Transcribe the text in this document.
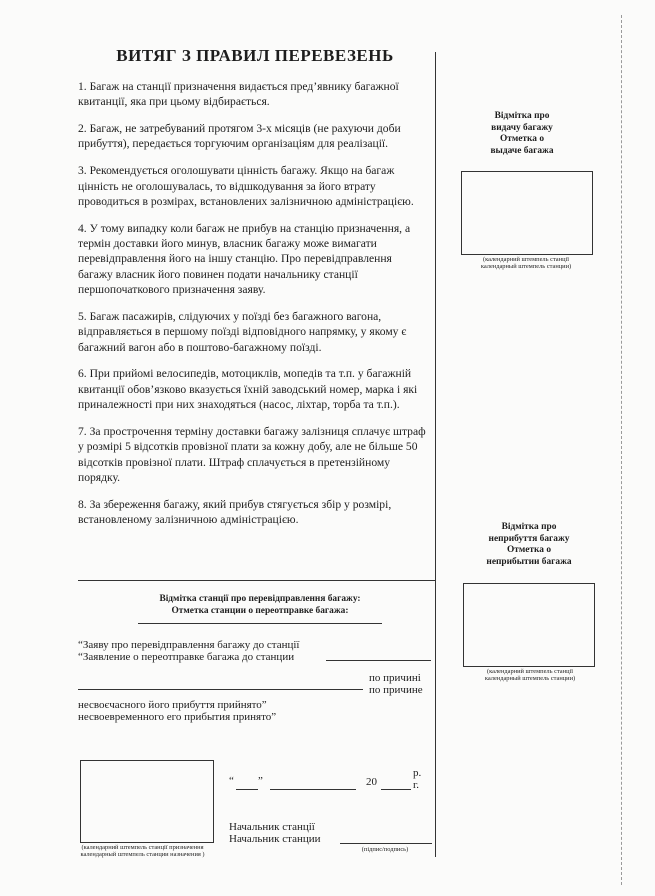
ВИТЯГ З ПРАВИЛ ПЕРЕВЕЗЕНЬ

1. Багаж на станції призначення видається пред’явнику багажної квитанції, яка при цьому відбирається.

2. Багаж, не затребуваний протягом 3-х місяців (не рахуючи доби прибуття), передається торгуючим організаціям для реалізації.

3. Рекомендується оголошувати цінність багажу. Якщо на багаж цінність не оголошувалась, то відшкодування за його втрату проводиться в розмірах, встановлених залізничною адміністрацією.

4. У тому випадку коли багаж не прибув на станцію призначення, а термін доставки його минув, власник багажу може вимагати перевідправлення його на іншу станцію. Про перевідправлення багажу власник його повинен подати начальнику станції першопочаткового призначення заяву.

5. Багаж пасажирів, слідуючих у поїзді без багажного вагона, відправляється в першому поїзді відповідного напрямку, у якому є багажний вагон або в поштово-багажному поїзді.

6. При прийомі велосипедів, мотоциклів, мопедів та т.п. у багажній квитанції обов’язково вказується їхній заводський номер, марка і які приналежності при них знаходяться (насос, ліхтар, торба та т.п.).

7. За прострочення терміну доставки багажу залізниця сплачує штраф у розмірі 5 відсотків провізної плати за кожну добу, але не більше 50 відсотків провізної плати. Штраф сплачується в претензійному порядку.

8. За збереження багажу, який прибув стягується збір у розмірі, встановленому залізничною адміністрацією.

Відмітка про
видачу багажу
Отметка о
выдаче багажа
(календарний штемпель станції
календарный штемпель станции)
Відмітка про
неприбуття багажу
Отметка о
неприбытии багажа
(календарний штемпель станції
календарный штемпель станции)
Відмітка станції про перевідправлення багажу:
Отметка станции о переотправке багажа:
“Заяву про перевідправлення багажу до станції
“Заявление о переотправке багажа до станции
по причині
по причине
несвоєчасного його прибуття прийнято”
несвоевременного его прибытия принято”
(календарний штемпель станції призначення
календарный штемпель станции назначения )
“ ”	20
р.
г.
Начальник станції
Начальник станции
(підпис/подпись)
